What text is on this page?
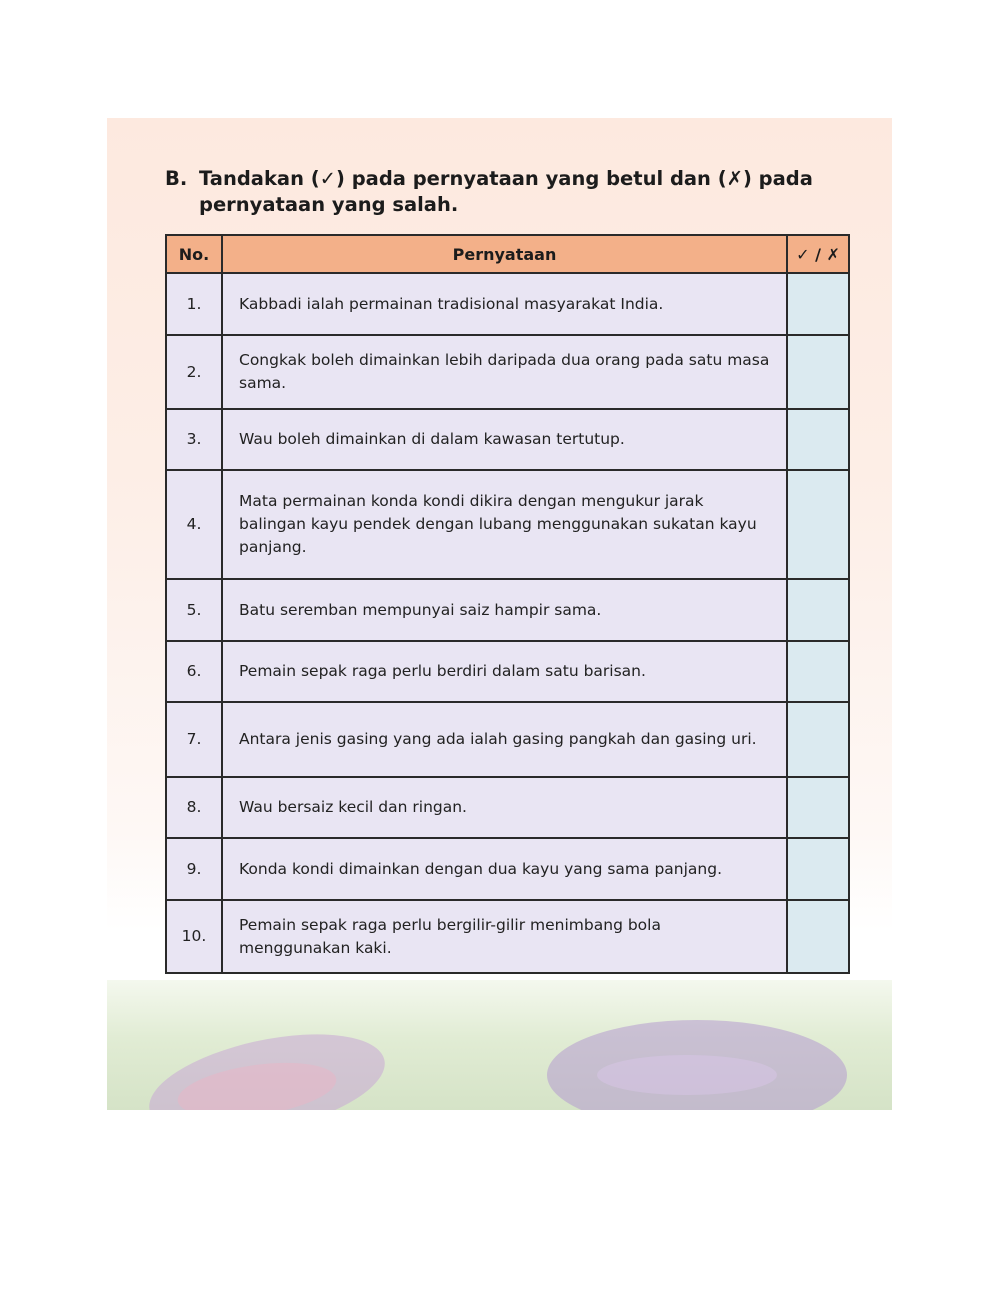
B. Tandakan (✓) pada pernyataan yang betul dan (✗) pada pernyataan yang salah.
No.	Pernyataan	✓ / ✗
1.	Kabbadi ialah permainan tradisional masyarakat India.	
2.	Congkak boleh dimainkan lebih daripada dua orang pada satu masa sama.	
3.	Wau boleh dimainkan di dalam kawasan tertutup.	
4.	Mata permainan konda kondi dikira dengan mengukur jarak balingan kayu pendek dengan lubang menggunakan sukatan kayu panjang.	
5.	Batu seremban mempunyai saiz hampir sama.	
6.	Pemain sepak raga perlu berdiri dalam satu barisan.	
7.	Antara jenis gasing yang ada ialah gasing pangkah dan gasing uri.	
8.	Wau bersaiz kecil dan ringan.	
9.	Konda kondi dimainkan dengan dua kayu yang sama panjang.	
10.	Pemain sepak raga perlu bergilir-gilir menimbang bola menggunakan kaki.	
